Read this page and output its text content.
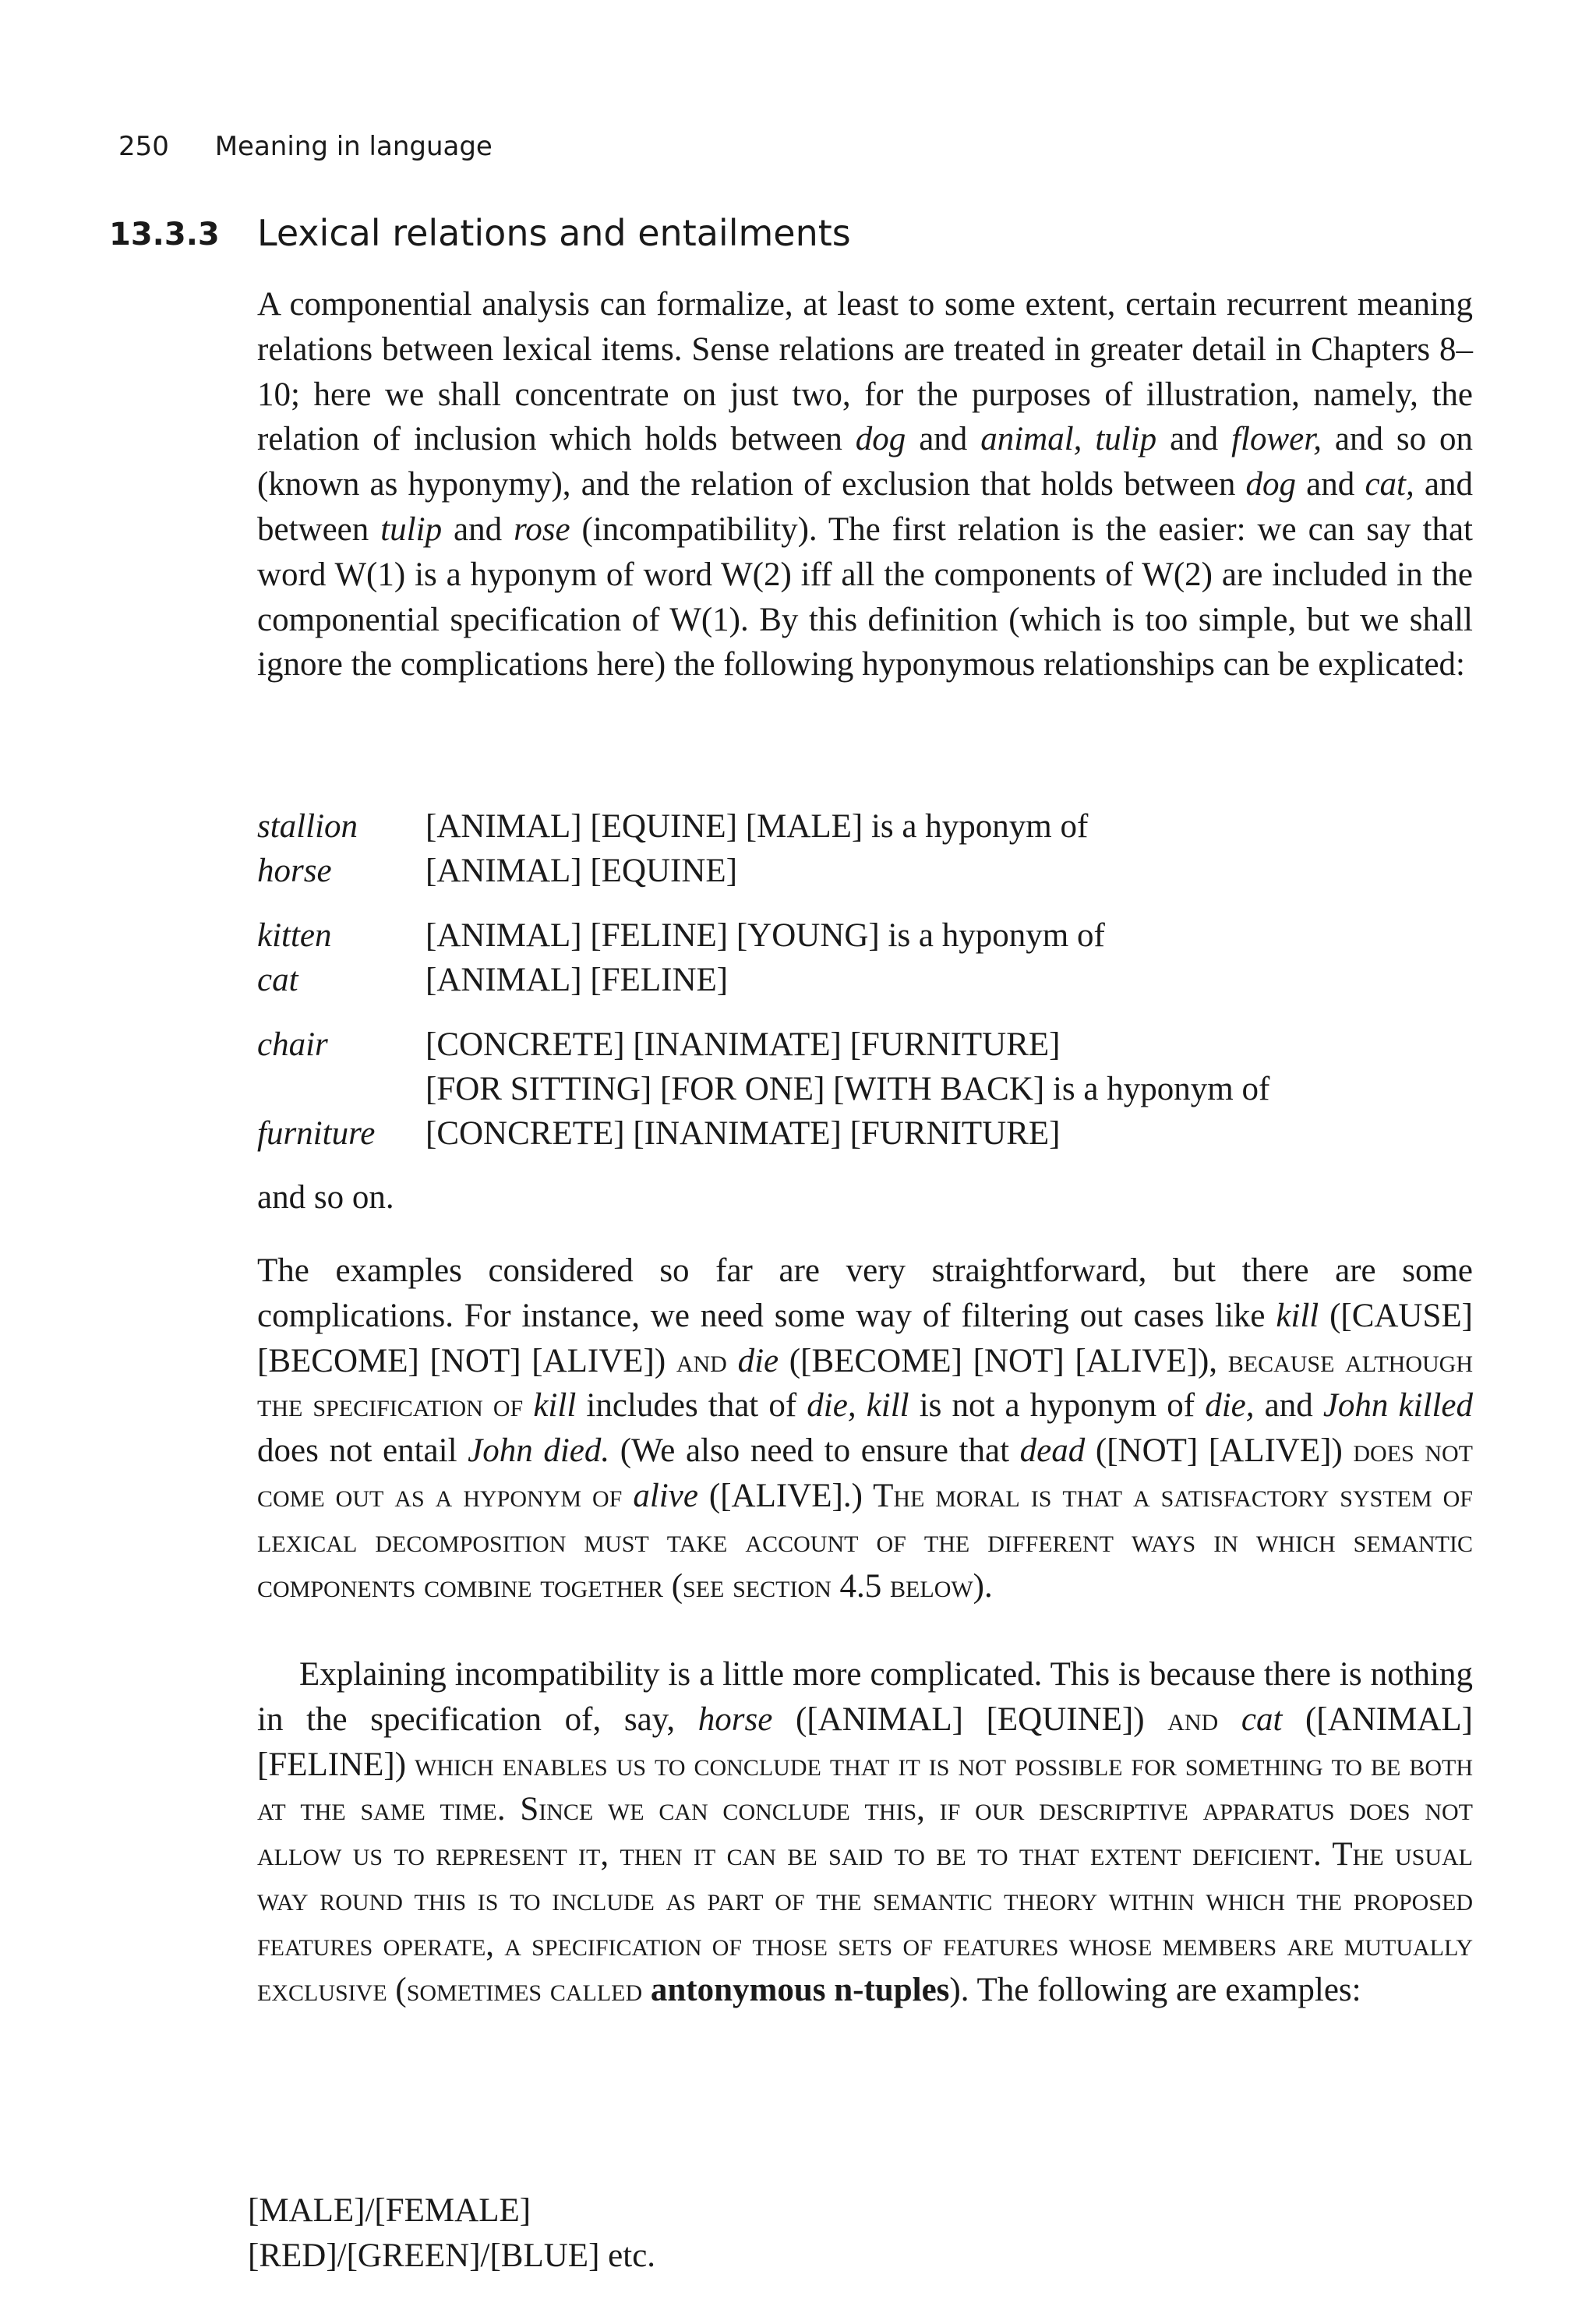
250 Meaning in language
13.3.3 Lexical relations and entailments
A componential analysis can formalize, at least to some extent, certain recurrent meaning relations between lexical items. Sense relations are treated in greater detail in Chapters 8–10; here we shall concentrate on just two, for the purposes of illustration, namely, the relation of inclusion which holds between dog and animal, tulip and flower, and so on (known as hyponymy), and the relation of exclusion that holds between dog and cat, and between tulip and rose (incompatibility). The first relation is the easier: we can say that word W(1) is a hyponym of word W(2) iff all the components of W(2) are included in the componential specification of W(1). By this definition (which is too simple, but we shall ignore the complications here) the following hyponymous relationships can be explicated:
stallion	[ANIMAL] [EQUINE] [MALE] is a hyponym of
horse	[ANIMAL] [EQUINE]
kitten	[ANIMAL] [FELINE] [YOUNG] is a hyponym of
cat	[ANIMAL] [FELINE]
chair	[CONCRETE] [INANIMATE] [FURNITURE]
[FOR SITTING] [FOR ONE] [WITH BACK] is a hyponym of
furniture	[CONCRETE] [INANIMATE] [FURNITURE]
and so on.
The examples considered so far are very straightforward, but there are some complications. For instance, we need some way of filtering out cases like kill ([CAUSE] [BECOME] [NOT] [ALIVE]) and die ([BECOME] [NOT] [ALIVE]), because although the specification of kill includes that of die, kill is not a hyponym of die, and John killed does not entail John died. (We also need to ensure that dead ([NOT] [ALIVE]) does not come out as a hyponym of alive ([ALIVE].) The moral is that a satisfactory system of lexical decomposition must take account of the different ways in which semantic components combine together (see section 4.5 below).
Explaining incompatibility is a little more complicated. This is because there is nothing in the specification of, say, horse ([ANIMAL] [EQUINE]) and cat ([ANIMAL] [FELINE]) which enables us to conclude that it is not possible for something to be both at the same time. Since we can conclude this, if our descriptive apparatus does not allow us to represent it, then it can be said to be to that extent deficient. The usual way round this is to include as part of the semantic theory within which the proposed features operate, a specification of those sets of features whose members are mutually exclusive (sometimes called antonymous n-tuples). The following are examples:
[MALE]/[FEMALE]
[RED]/[GREEN]/[BLUE] etc.
